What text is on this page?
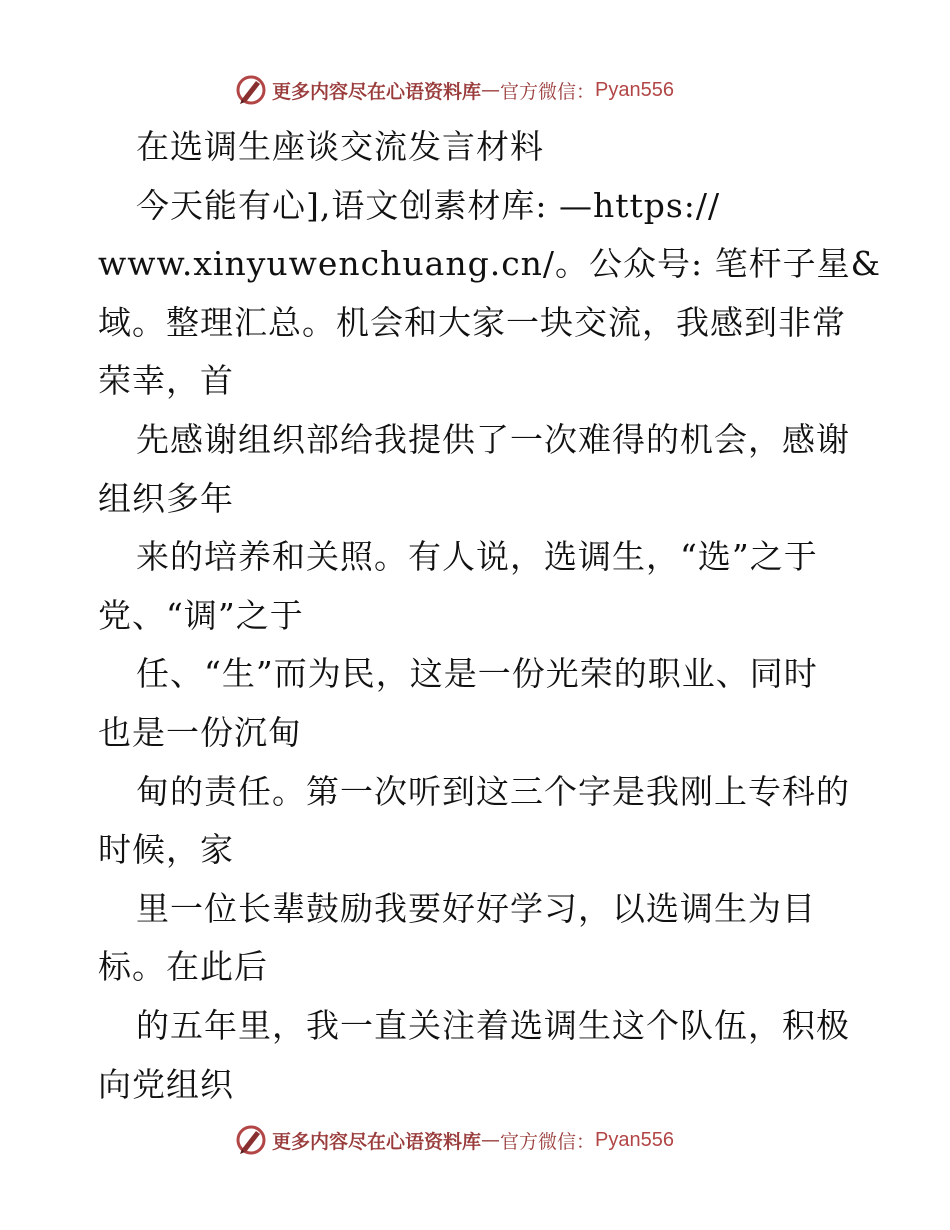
更多内容尽在心语资料库 — 官方微信： Pyan556
在选调生座谈交流发言材料
今天能有心],语文创素材库: —https://
www.xinyuwenchuang.cn/。公众号: 笔杆子星&
域。整理汇总。机会和大家一块交流，我感到非常
荣幸，首
先感谢组织部给我提供了一次难得的机会，感谢
组织多年
来的培养和关照。有人说，选调生，“选”之于
党、“调”之于
任、“生”而为民，这是一份光荣的职业、同时
也是一份沉甸
甸的责任。第一次听到这三个字是我刚上专科的
时候，家
里一位长辈鼓励我要好好学习，以选调生为目
标。在此后
的五年里，我一直关注着选调生这个队伍，积极
向党组织
更多内容尽在心语资料库 — 官方微信： Pyan556
